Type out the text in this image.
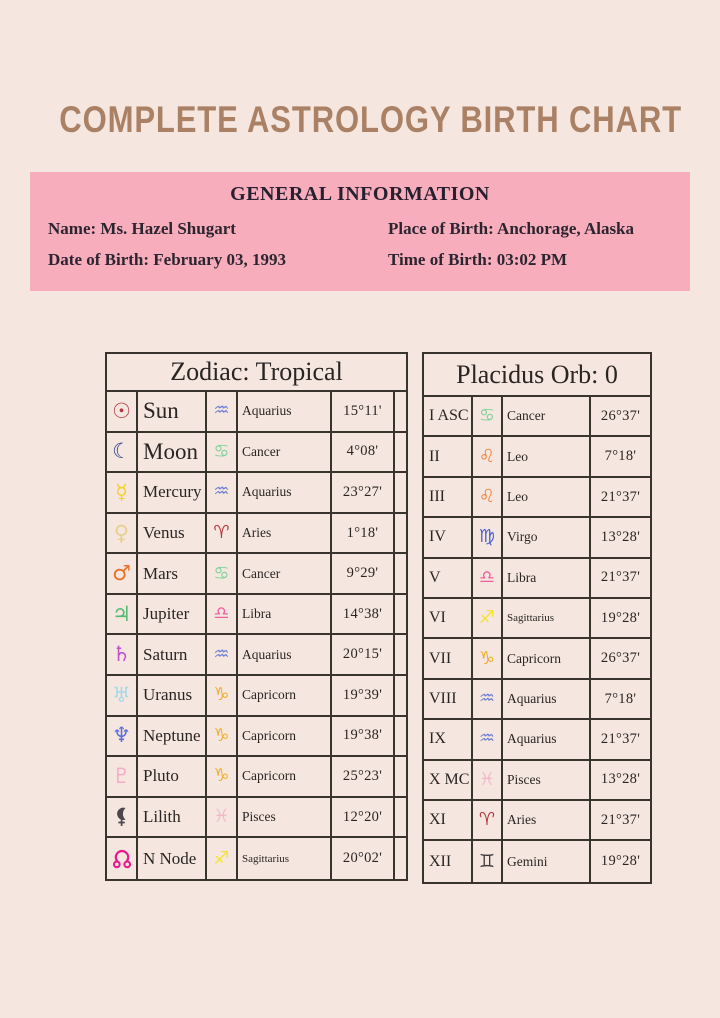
COMPLETE ASTROLOGY BIRTH CHART

GENERAL INFORMATION

Name: Ms. Hazel Shugart	Place of Birth: Anchorage, Alaska
Date of Birth: February 03, 1993	Time of Birth: 03:02 PM
Zodiac: Tropical
☉ Sun	♒ Aquarius	15°11'
☾ Moon ♋ Cancer	4°08'
☿ Mercury ♒ Aquarius	23°27'
♀ Venus	♈ Aries	1°18'
♂ Mars	♋ Cancer	9°29'
♃ Jupiter	♎ Libra	14°38'
♄ Saturn	♒ Aquarius	20°15'
♅ Uranus	♑ Capricorn	19°39'
♆ Neptune ♑ Capricorn	19°38'
♇ Pluto	♑ Capricorn	25°23'
Lilith	♓ Pisces	12°20'
N Node ♐	Sagittarius	20°02'
Placidus Orb: 0
I ASC ♋ Cancer	26°37'
II	♌ Leo	7°18'
III	♌ Leo	21°37'
IV	♍ Virgo	13°28'
V	♎ Libra	21°37'
VI	♐	Sagittarius	19°28'
VII	♑ Capricorn	26°37'
VIII	♒ Aquarius	7°18'
IX	♒ Aquarius	21°37'
X MC ♓ Pisces	13°28'
XI	♈ Aries	21°37'
XII	♊ Gemini	19°28'
